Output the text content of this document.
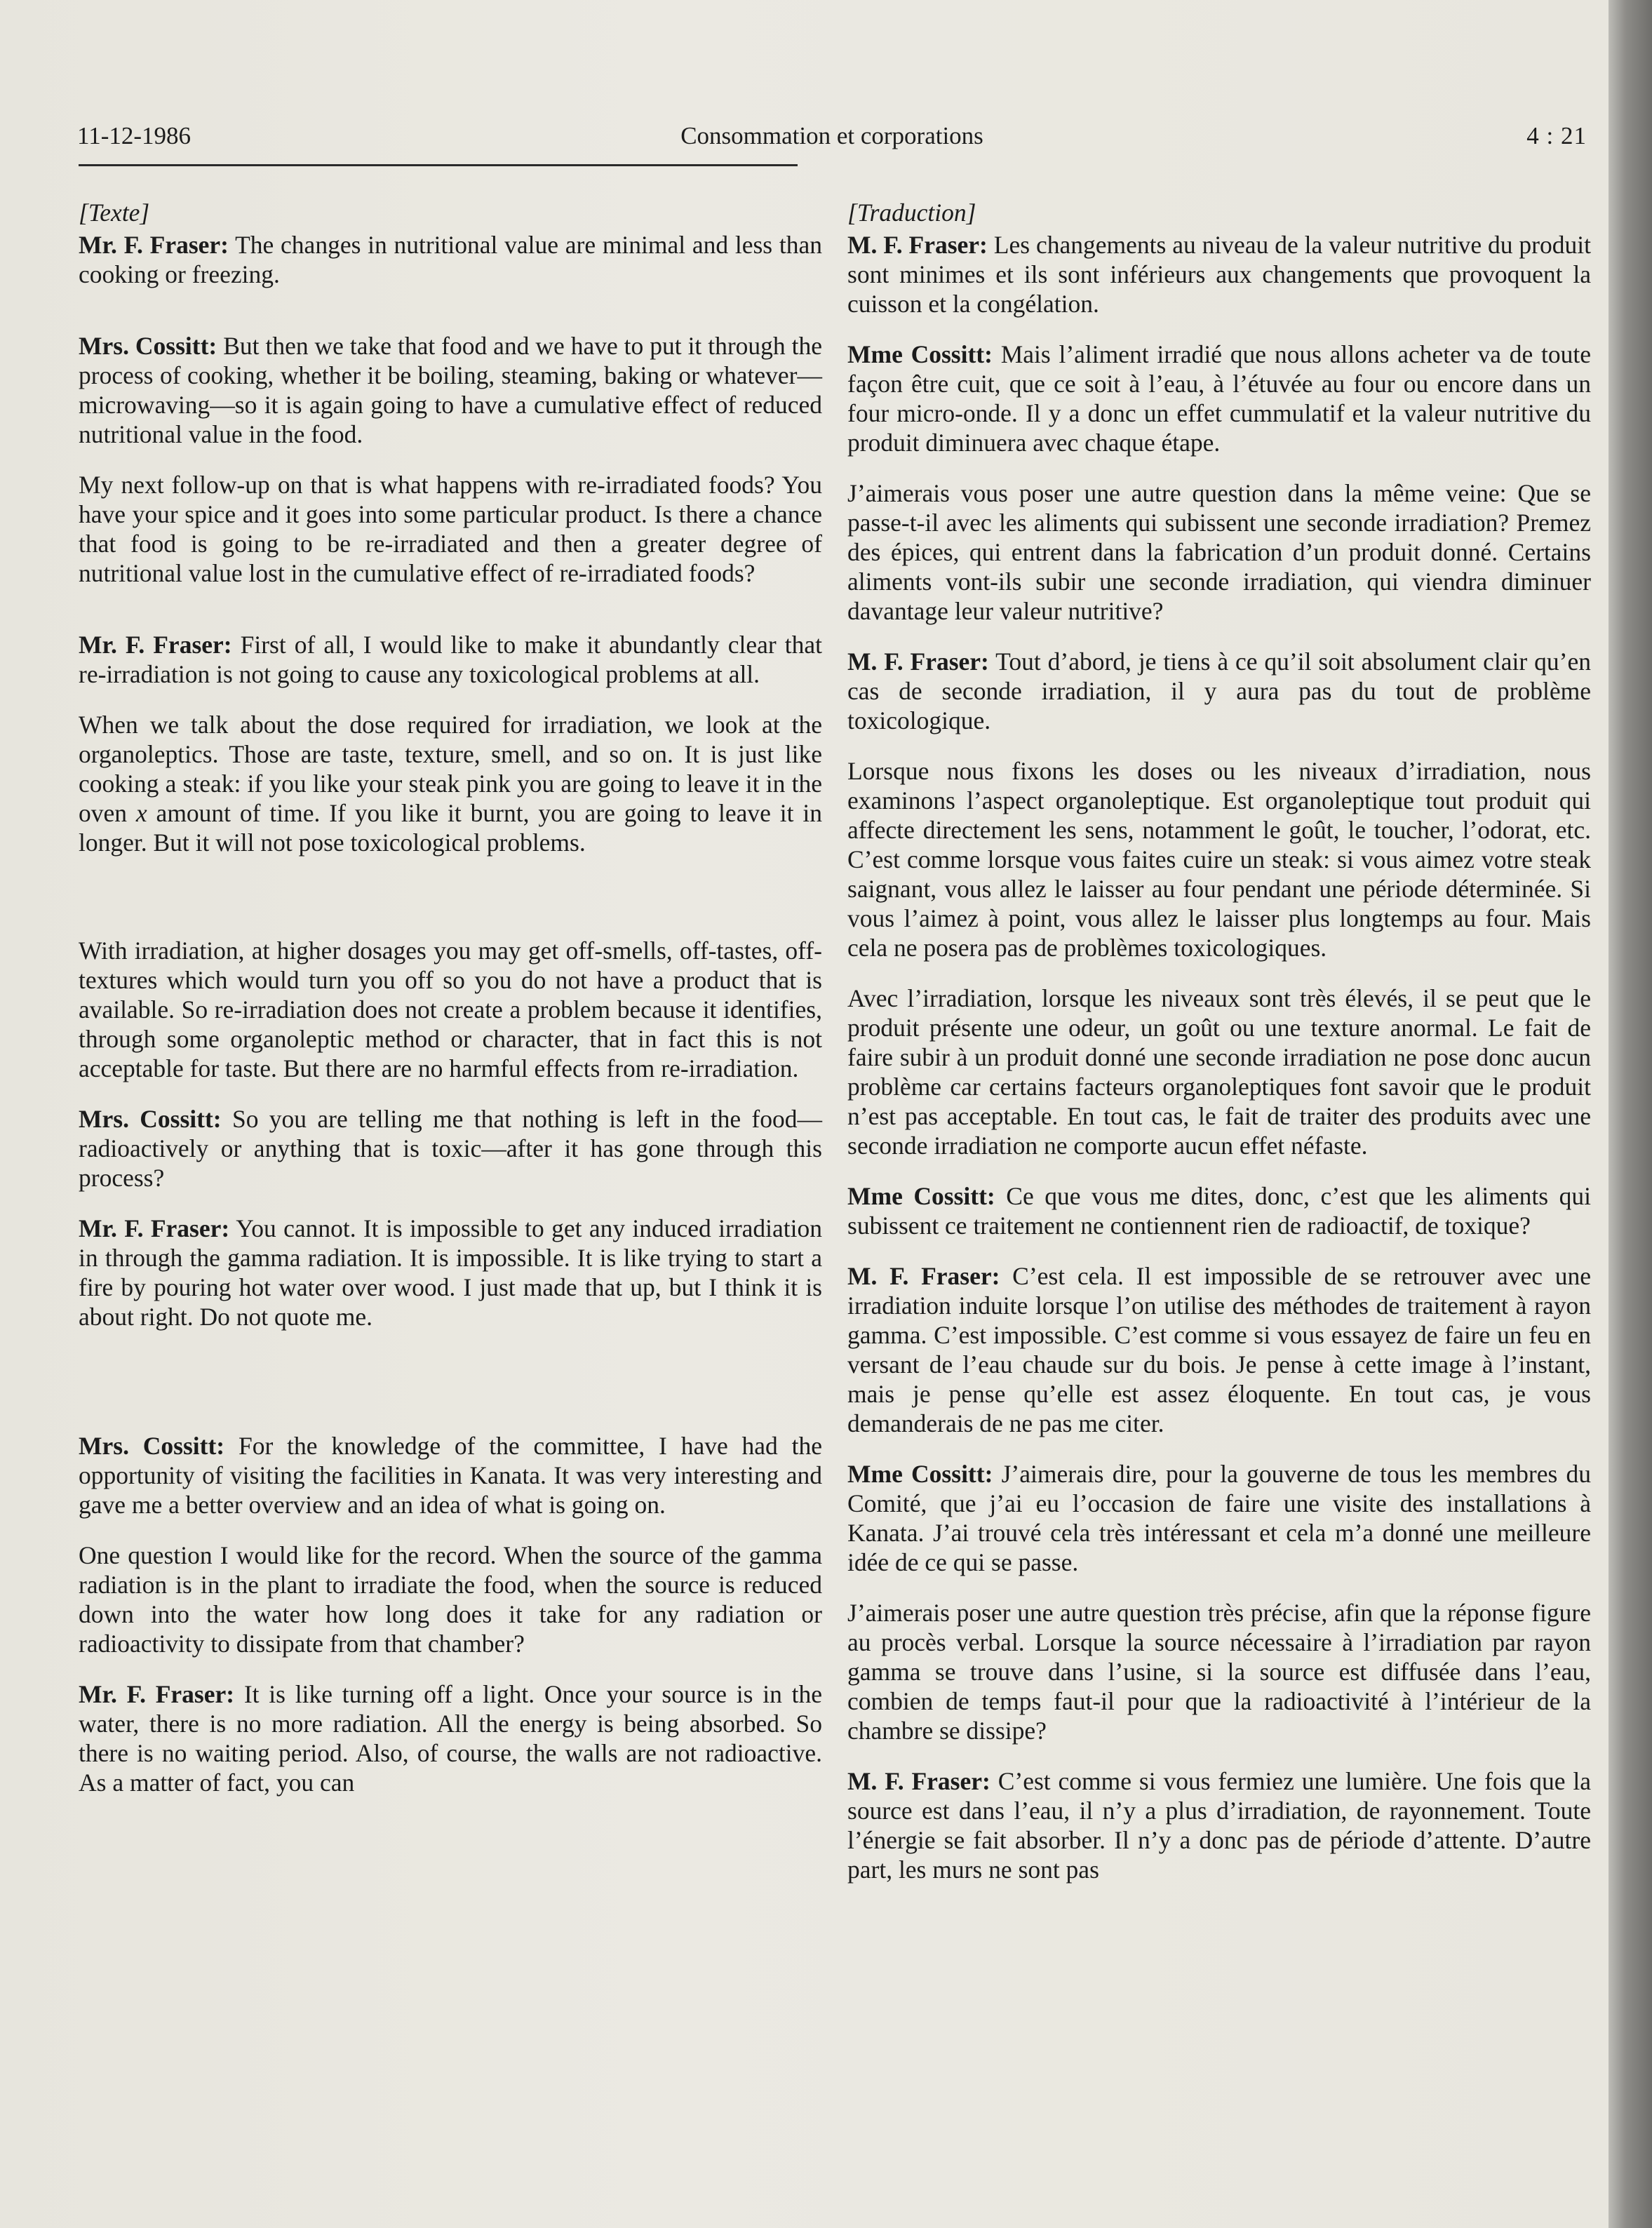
11-12-1986	Consommation et corporations	4 : 21

[Texte]

Mr. F. Fraser: The changes in nutritional value are minimal and less than cooking or freezing.

Mrs. Cossitt: But then we take that food and we have to put it through the process of cooking, whether it be boiling, steaming, baking or whatever—microwaving—so it is again going to have a cumulative effect of reduced nutritional value in the food.

My next follow-up on that is what happens with re-irradiated foods? You have your spice and it goes into some particular product. Is there a chance that food is going to be re-irradiated and then a greater degree of nutritional value lost in the cumulative effect of re-irradiated foods?

Mr. F. Fraser: First of all, I would like to make it abundantly clear that re-irradiation is not going to cause any toxicological problems at all.

When we talk about the dose required for irradiation, we look at the organoleptics. Those are taste, texture, smell, and so on. It is just like cooking a steak: if you like your steak pink you are going to leave it in the oven x amount of time. If you like it burnt, you are going to leave it in longer. But it will not pose toxicological problems.

With irradiation, at higher dosages you may get off-smells, off-tastes, off-textures which would turn you off so you do not have a product that is available. So re-irradiation does not create a problem because it identifies, through some organoleptic method or character, that in fact this is not acceptable for taste. But there are no harmful effects from re-irradiation.

Mrs. Cossitt: So you are telling me that nothing is left in the food—radioactively or anything that is toxic—after it has gone through this process?

Mr. F. Fraser: You cannot. It is impossible to get any induced irradiation in through the gamma radiation. It is impossible. It is like trying to start a fire by pouring hot water over wood. I just made that up, but I think it is about right. Do not quote me.

Mrs. Cossitt: For the knowledge of the committee, I have had the opportunity of visiting the facilities in Kanata. It was very interesting and gave me a better overview and an idea of what is going on.

One question I would like for the record. When the source of the gamma radiation is in the plant to irradiate the food, when the source is reduced down into the water how long does it take for any radiation or radioactivity to dissipate from that chamber?

Mr. F. Fraser: It is like turning off a light. Once your source is in the water, there is no more radiation. All the energy is being absorbed. So there is no waiting period. Also, of course, the walls are not radioactive. As a matter of fact, you can

[Traduction]

M. F. Fraser: Les changements au niveau de la valeur nutritive du produit sont minimes et ils sont inférieurs aux changements que provoquent la cuisson et la congélation.

Mme Cossitt: Mais l’aliment irradié que nous allons acheter va de toute façon être cuit, que ce soit à l’eau, à l’étuvée au four ou encore dans un four micro-onde. Il y a donc un effet cummulatif et la valeur nutritive du produit diminuera avec chaque étape.

J’aimerais vous poser une autre question dans la même veine: Que se passe-t-il avec les aliments qui subissent une seconde irradiation? Premez des épices, qui entrent dans la fabrication d’un produit donné. Certains aliments vont-ils subir une seconde irradiation, qui viendra diminuer davantage leur valeur nutritive?

M. F. Fraser: Tout d’abord, je tiens à ce qu’il soit absolument clair qu’en cas de seconde irradiation, il y aura pas du tout de problème toxicologique.

Lorsque nous fixons les doses ou les niveaux d’irradiation, nous examinons l’aspect organoleptique. Est organoleptique tout produit qui affecte directement les sens, notamment le goût, le toucher, l’odorat, etc. C’est comme lorsque vous faites cuire un steak: si vous aimez votre steak saignant, vous allez le laisser au four pendant une période déterminée. Si vous l’aimez à point, vous allez le laisser plus longtemps au four. Mais cela ne posera pas de problèmes toxicologiques.

Avec l’irradiation, lorsque les niveaux sont très élevés, il se peut que le produit présente une odeur, un goût ou une texture anormal. Le fait de faire subir à un produit donné une seconde irradiation ne pose donc aucun problème car certains facteurs organoleptiques font savoir que le produit n’est pas acceptable. En tout cas, le fait de traiter des produits avec une seconde irradiation ne comporte aucun effet néfaste.

Mme Cossitt: Ce que vous me dites, donc, c’est que les aliments qui subissent ce traitement ne contiennent rien de radioactif, de toxique?

M. F. Fraser: C’est cela. Il est impossible de se retrouver avec une irradiation induite lorsque l’on utilise des méthodes de traitement à rayon gamma. C’est impossible. C’est comme si vous essayez de faire un feu en versant de l’eau chaude sur du bois. Je pense à cette image à l’instant, mais je pense qu’elle est assez éloquente. En tout cas, je vous demanderais de ne pas me citer.

Mme Cossitt: J’aimerais dire, pour la gouverne de tous les membres du Comité, que j’ai eu l’occasion de faire une visite des installations à Kanata. J’ai trouvé cela très intéressant et cela m’a donné une meilleure idée de ce qui se passe.

J’aimerais poser une autre question très précise, afin que la réponse figure au procès verbal. Lorsque la source nécessaire à l’irradiation par rayon gamma se trouve dans l’usine, si la source est diffusée dans l’eau, combien de temps faut-il pour que la radioactivité à l’intérieur de la chambre se dissipe?

M. F. Fraser: C’est comme si vous fermiez une lumière. Une fois que la source est dans l’eau, il n’y a plus d’irradiation, de rayonnement. Toute l’énergie se fait absorber. Il n’y a donc pas de période d’attente. D’autre part, les murs ne sont pas
